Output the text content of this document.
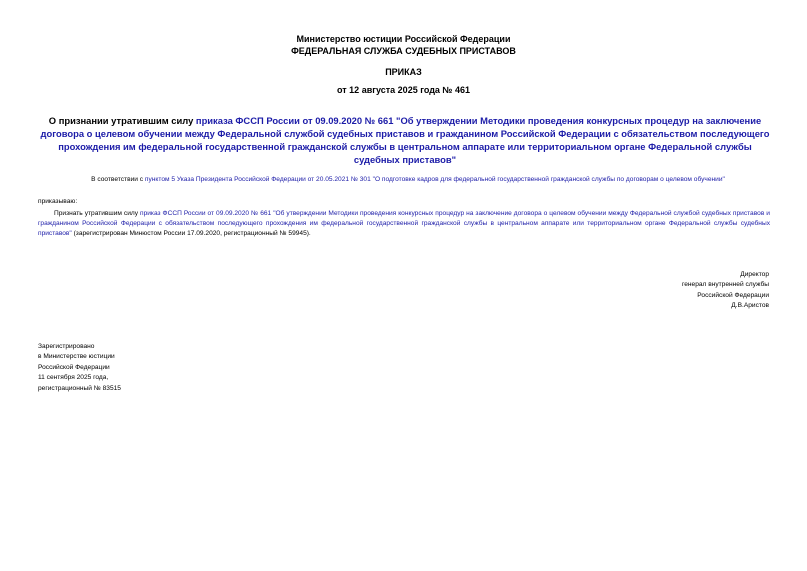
Министерство юстиции Российской Федерации
ФЕДЕРАЛЬНАЯ СЛУЖБА СУДЕБНЫХ ПРИСТАВОВ
ПРИКАЗ
от 12 августа 2025 года № 461
О признании утратившим силу приказа ФССП России от 09.09.2020 № 661 "Об утверждении Методики проведения конкурсных процедур на заключение договора о целевом обучении между Федеральной службой судебных приставов и гражданином Российской Федерации с обязательством последующего прохождения им федеральной государственной гражданской службы в центральном аппарате или территориальном органе Федеральной службы судебных приставов"
В соответствии с пунктом 5 Указа Президента Российской Федерации от 20.05.2021 № 301 "О подготовке кадров для федеральной государственной гражданской службы по договорам о целевом обучении"
приказываю:
Признать утратившим силу приказ ФССП России от 09.09.2020 № 661 "Об утверждении Методики проведения конкурсных процедур на заключение договора о целевом обучении между Федеральной службой судебных приставов и гражданином Российской Федерации с обязательством последующего прохождения им федеральной государственной гражданской службы в центральном аппарате или территориальном органе Федеральной службы судебных приставов" (зарегистрирован Минюстом России 17.09.2020, регистрационный № 59945).
Директор
генерал внутренней службы
Российской Федерации
Д.В.Аристов
Зарегистрировано
в Министерстве юстиции
Российской Федерации
11 сентября 2025 года,
регистрационный № 83515
